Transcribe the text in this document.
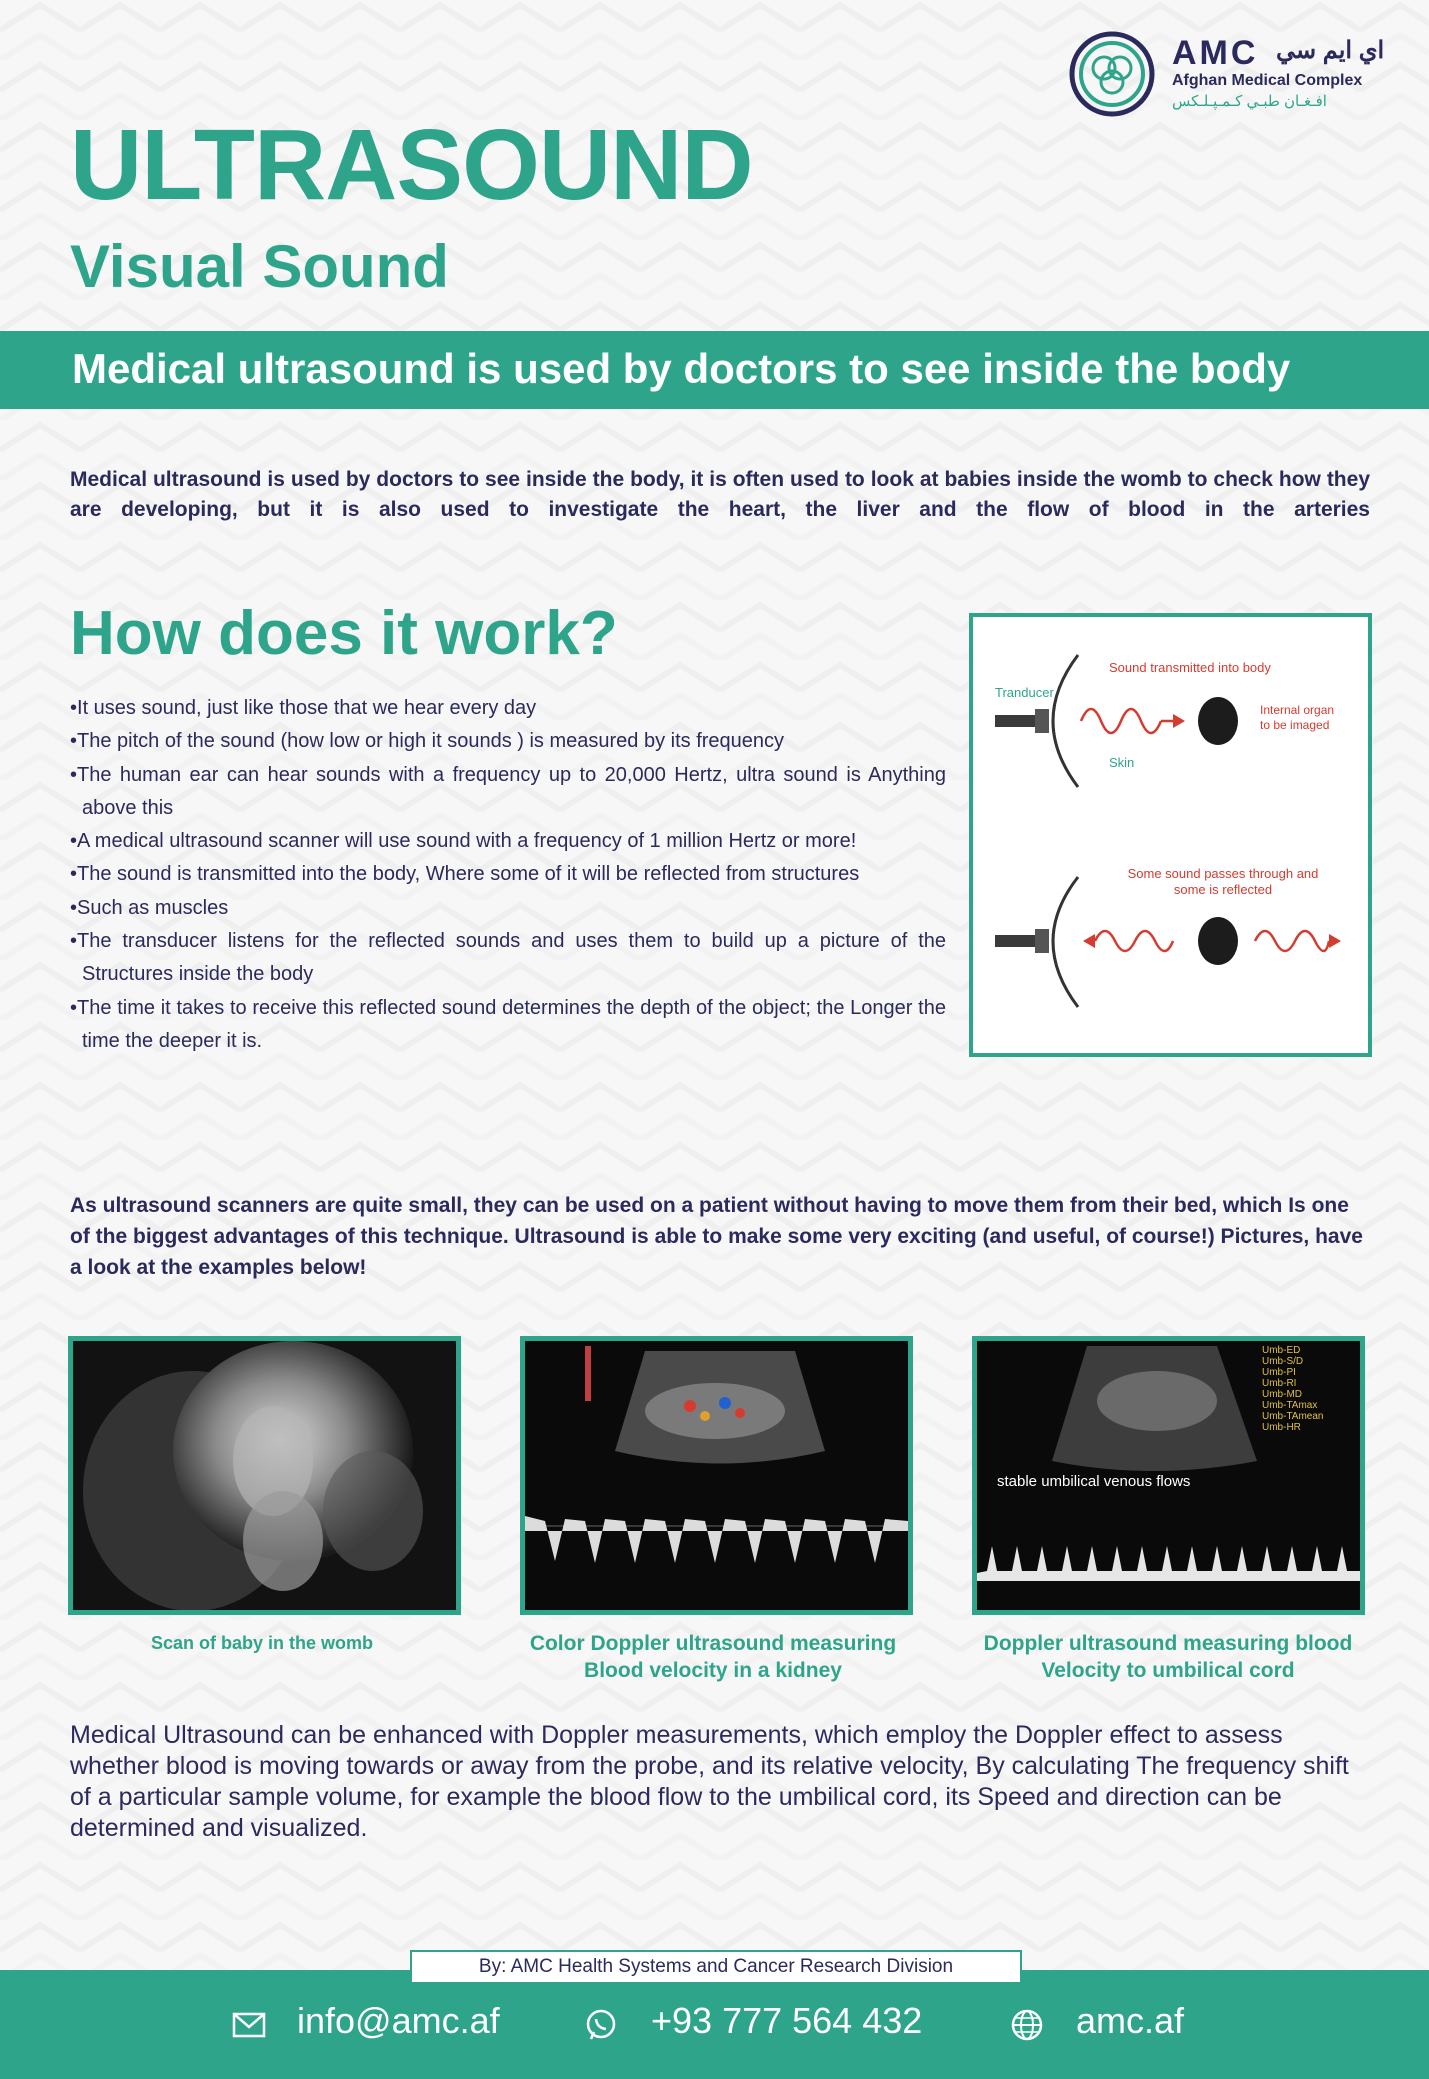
AMC اي ايم سي
Afghan Medical Complex
افـغـان طبـي كـمـپـلـكس
ULTRASOUND
Visual Sound
Medical ultrasound is used by doctors to see inside the body
Medical ultrasound is used by doctors to see inside the body, it is often used to look at babies inside the womb to check how they are developing, but it is also used to investigate the heart, the liver and the flow of blood in the arteries
How does it work?
• It uses sound, just like those that we hear every day
• The pitch of the sound (how low or high it sounds ) is measured by its frequency
• The human ear can hear sounds with a frequency up to 20,000 Hertz, ultra sound is Anything above this
• A medical ultrasound scanner will use sound with a frequency of 1 million Hertz or more!
• The sound is transmitted into the body, Where some of it will be reflected from structures
• Such as muscles
• The transducer listens for the reflected sounds and uses them to build up a picture of the Structures inside the body
• The time it takes to receive this reflected sound determines the depth of the object; the Longer the time the deeper it is.
Tranducer
Sound transmitted into body
Internal organ
to be imaged
Skin
Some sound passes through and
some is reflected
As ultrasound scanners are quite small, they can be used on a patient without having to move them from their bed, which Is one of the biggest advantages of this technique. Ultrasound is able to make some very exciting (and useful, of course!) Pictures, have a look at the examples below!
stable umbilical venous flows
Umb-ED
Umb-S/D
Umb-PI
Umb-RI
Umb-MD
Umb-TAmax
Umb-TAmean
Umb-HR
Scan of baby in the womb	Color Doppler ultrasound measuring
Blood velocity in a kidney
Doppler ultrasound measuring blood
Velocity to umbilical cord
Medical Ultrasound can be enhanced with Doppler measurements, which employ the Doppler effect to assess whether blood is moving towards or away from the probe, and its relative velocity, By calculating The frequency shift of a particular sample volume, for example the blood flow to the umbilical cord, its Speed and direction can be determined and visualized.
By: AMC Health Systems and Cancer Research Division
info@amc.af	+93 777 564 432	amc.af
